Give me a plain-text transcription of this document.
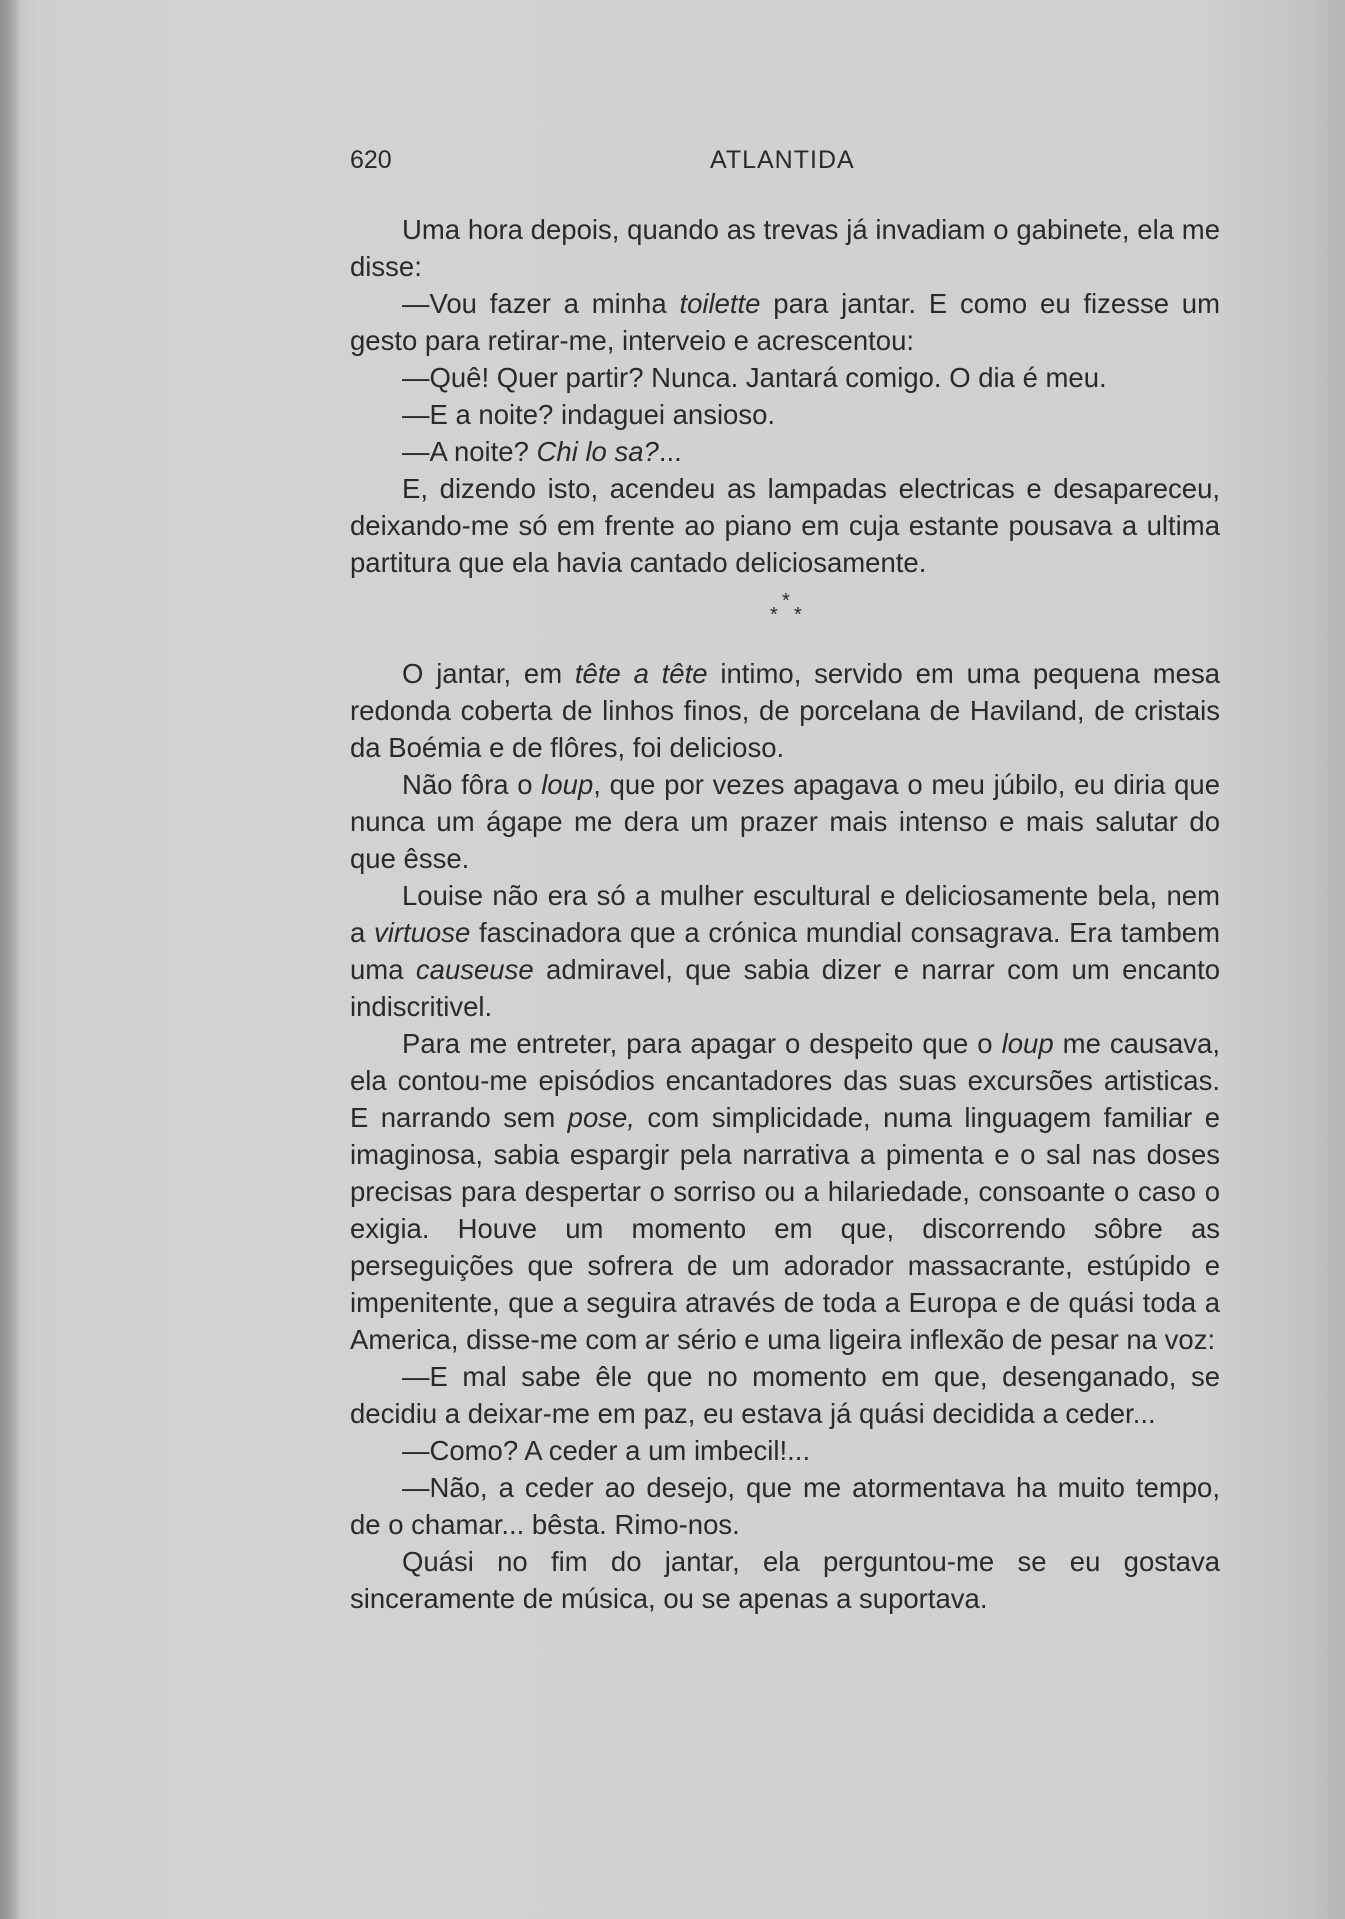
620	ATLANTIDA

Uma hora depois, quando as trevas já invadiam o gabinete, ela me disse:

—Vou fazer a minha toilette para jantar. E como eu fizesse um gesto para retirar-me, interveio e acrescentou:

—Quê! Quer partir? Nunca. Jantará comigo. O dia é meu.

—E a noite? indaguei ansioso.

—A noite? Chi lo sa?...

E, dizendo isto, acendeu as lampadas electricas e desapareceu, deixando-me só em frente ao piano em cuja estante pousava a ultima partitura que ela havia cantado deliciosamente.

*
* *

O jantar, em tête a tête intimo, servido em uma pequena mesa redonda coberta de linhos finos, de porcelana de Haviland, de cristais da Boémia e de flôres, foi delicioso.

Não fôra o loup, que por vezes apagava o meu júbilo, eu diria que nunca um ágape me dera um prazer mais intenso e mais salutar do que êsse.

Louise não era só a mulher escultural e deliciosamente bela, nem a virtuose fascinadora que a crónica mundial consagrava. Era tambem uma causeuse admiravel, que sabia dizer e narrar com um encanto indiscritivel.

Para me entreter, para apagar o despeito que o loup me causava, ela contou-me episódios encantadores das suas excursões artisticas. E narrando sem pose, com simplicidade, numa linguagem familiar e imaginosa, sabia espargir pela narrativa a pimenta e o sal nas doses precisas para despertar o sorriso ou a hilariedade, consoante o caso o exigia. Houve um momento em que, discorrendo sôbre as perseguições que sofrera de um adorador massacrante, estúpido e impenitente, que a seguira através de toda a Europa e de quási toda a America, disse-me com ar sério e uma ligeira inflexão de pesar na voz:

—E mal sabe êle que no momento em que, desenganado, se decidiu a deixar-me em paz, eu estava já quási decidida a ceder...

—Como? A ceder a um imbecil!...

—Não, a ceder ao desejo, que me atormentava ha muito tempo, de o chamar... bêsta. Rimo-nos.

Quási no fim do jantar, ela perguntou-me se eu gostava sinceramente de música, ou se apenas a suportava.
